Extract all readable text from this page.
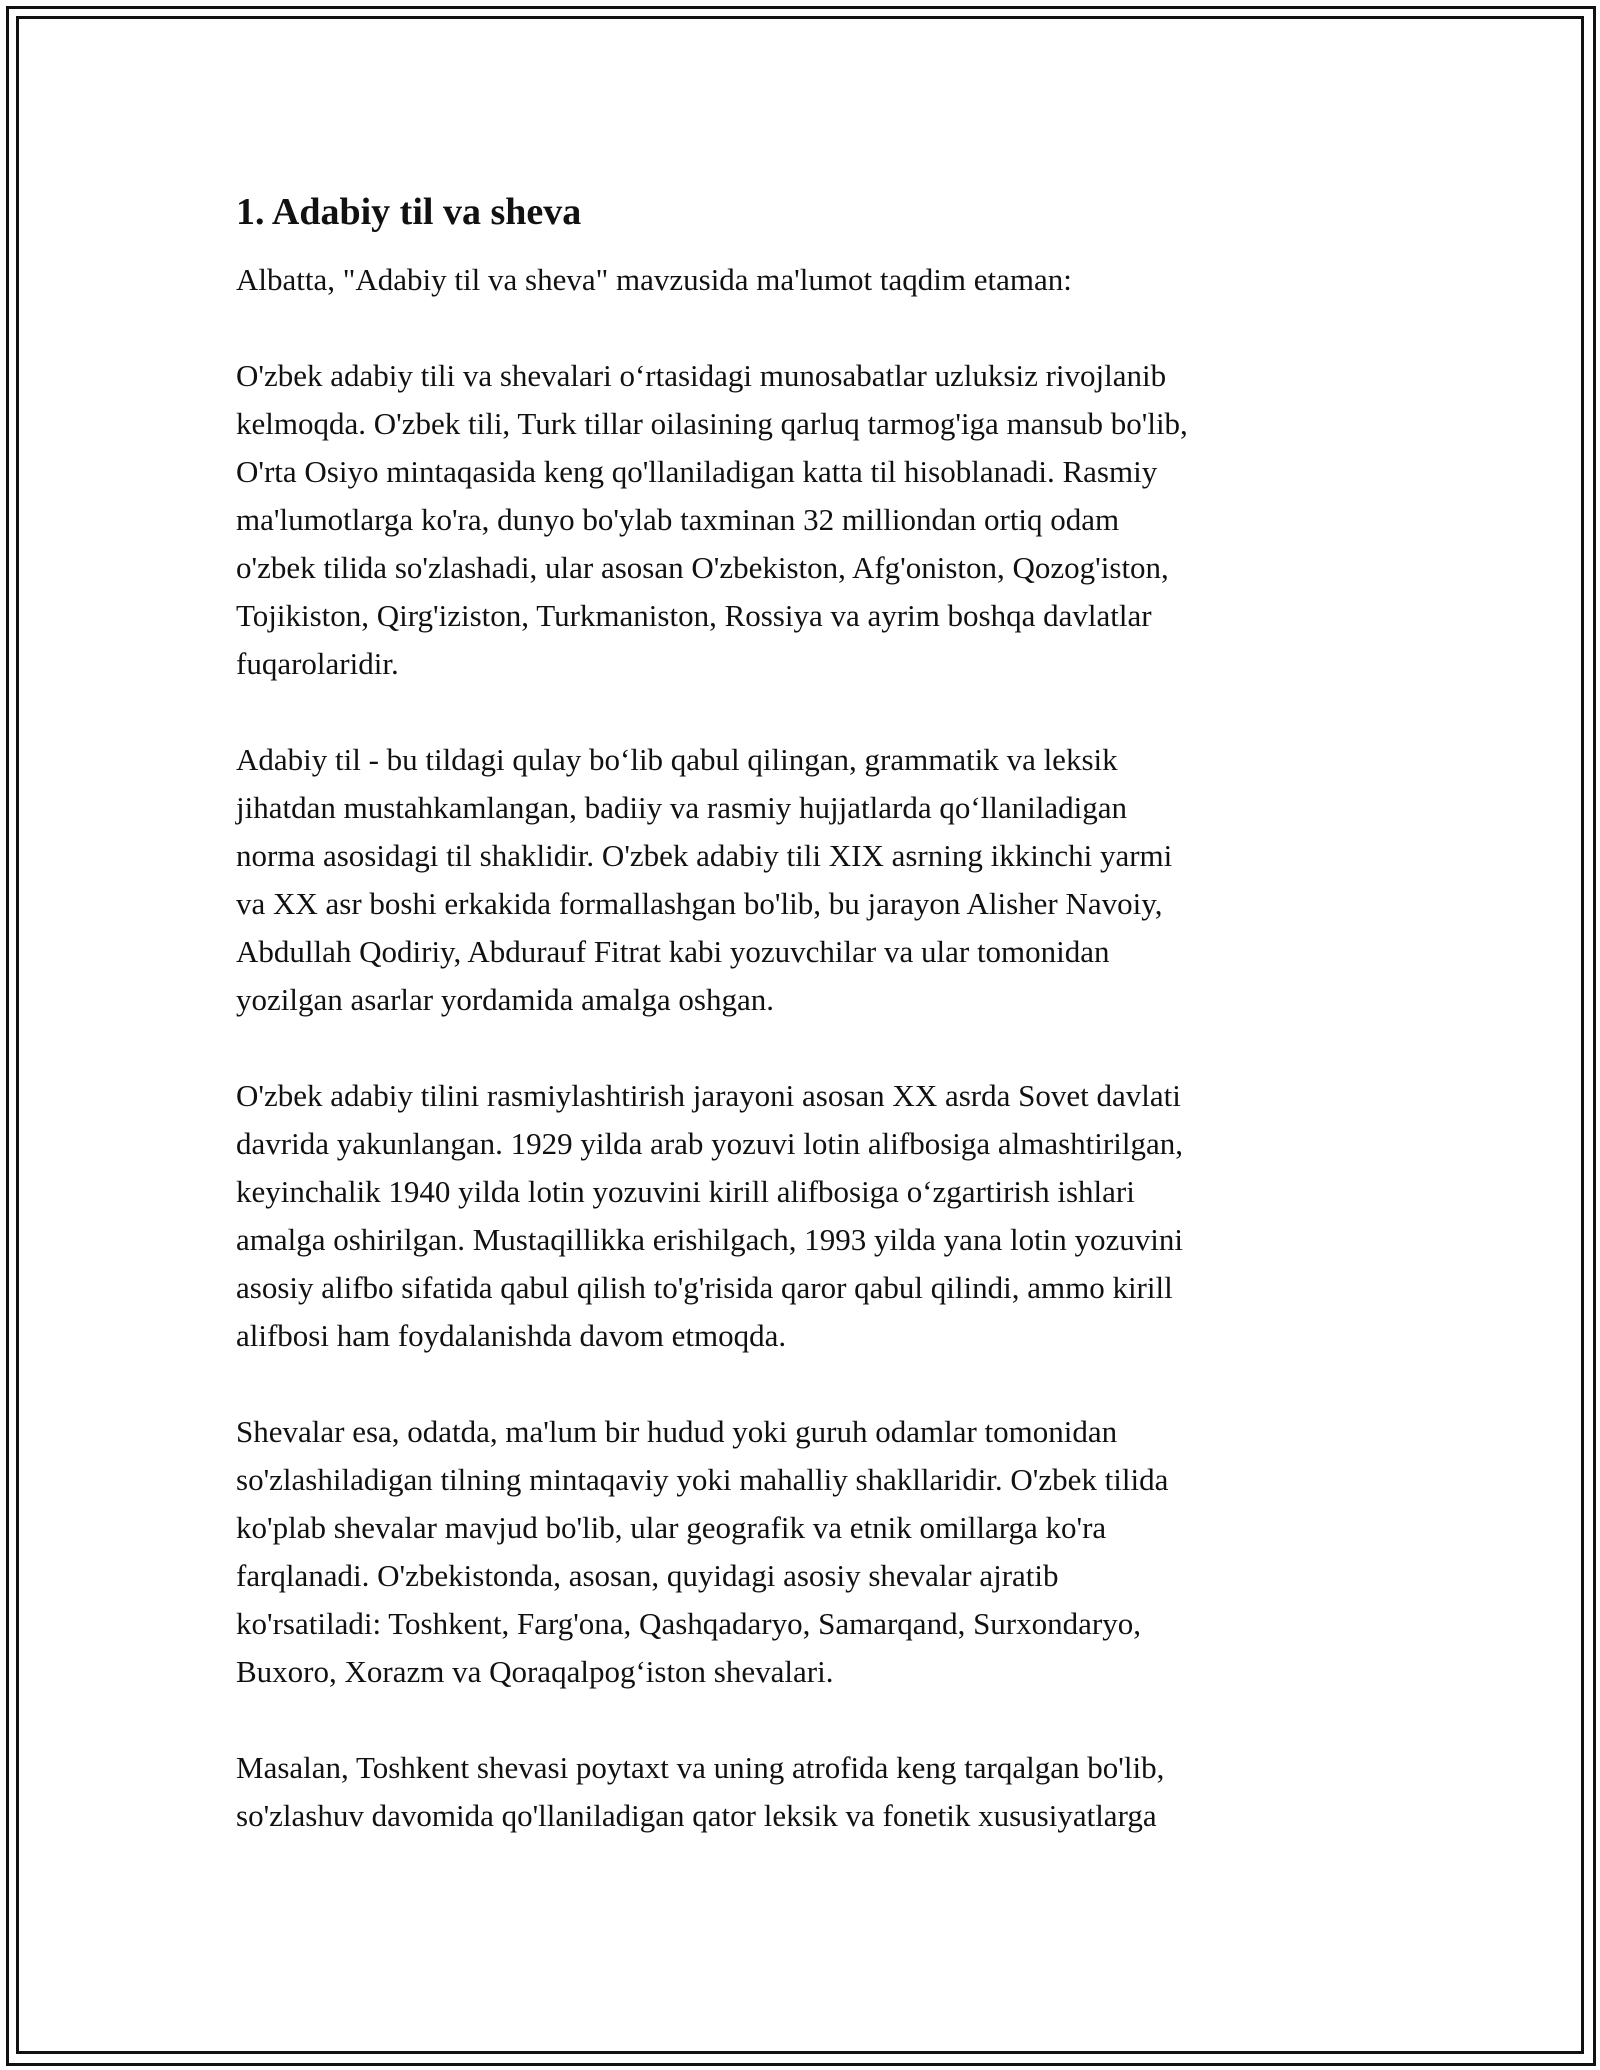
1. Adabiy til va sheva

Albatta, "Adabiy til va sheva" mavzusida ma'lumot taqdim etaman:

O'zbek adabiy tili va shevalari o‘rtasidagi munosabatlar uzluksiz rivojlanib
kelmoqda. O'zbek tili, Turk tillar oilasining qarluq tarmog'iga mansub bo'lib,
O'rta Osiyo mintaqasida keng qo'llaniladigan katta til hisoblanadi. Rasmiy
ma'lumotlarga ko'ra, dunyo bo'ylab taxminan 32 milliondan ortiq odam
o'zbek tilida so'zlashadi, ular asosan O'zbekiston, Afg'oniston, Qozog'iston,
Tojikiston, Qirg'iziston, Turkmaniston, Rossiya va ayrim boshqa davlatlar
fuqarolaridir.

Adabiy til - bu tildagi qulay bo‘lib qabul qilingan, grammatik va leksik
jihatdan mustahkamlangan, badiiy va rasmiy hujjatlarda qo‘llaniladigan
norma asosidagi til shaklidir. O'zbek adabiy tili XIX asrning ikkinchi yarmi
va XX asr boshi erkakida formallashgan bo'lib, bu jarayon Alisher Navoiy,
Abdullah Qodiriy, Abdurauf Fitrat kabi yozuvchilar va ular tomonidan
yozilgan asarlar yordamida amalga oshgan.

O'zbek adabiy tilini rasmiylashtirish jarayoni asosan XX asrda Sovet davlati
davrida yakunlangan. 1929 yilda arab yozuvi lotin alifbosiga almashtirilgan,
keyinchalik 1940 yilda lotin yozuvini kirill alifbosiga o‘zgartirish ishlari
amalga oshirilgan. Mustaqillikka erishilgach, 1993 yilda yana lotin yozuvini
asosiy alifbo sifatida qabul qilish to'g'risida qaror qabul qilindi, ammo kirill
alifbosi ham foydalanishda davom etmoqda.

Shevalar esa, odatda, ma'lum bir hudud yoki guruh odamlar tomonidan
so'zlashiladigan tilning mintaqaviy yoki mahalliy shakllaridir. O'zbek tilida
ko'plab shevalar mavjud bo'lib, ular geografik va etnik omillarga ko'ra
farqlanadi. O'zbekistonda, asosan, quyidagi asosiy shevalar ajratib
ko'rsatiladi: Toshkent, Farg'ona, Qashqadaryo, Samarqand, Surxondaryo,
Buxoro, Xorazm va Qoraqalpog‘iston shevalari.

Masalan, Toshkent shevasi poytaxt va uning atrofida keng tarqalgan bo'lib,
so'zlashuv davomida qo'llaniladigan qator leksik va fonetik xususiyatlarga
